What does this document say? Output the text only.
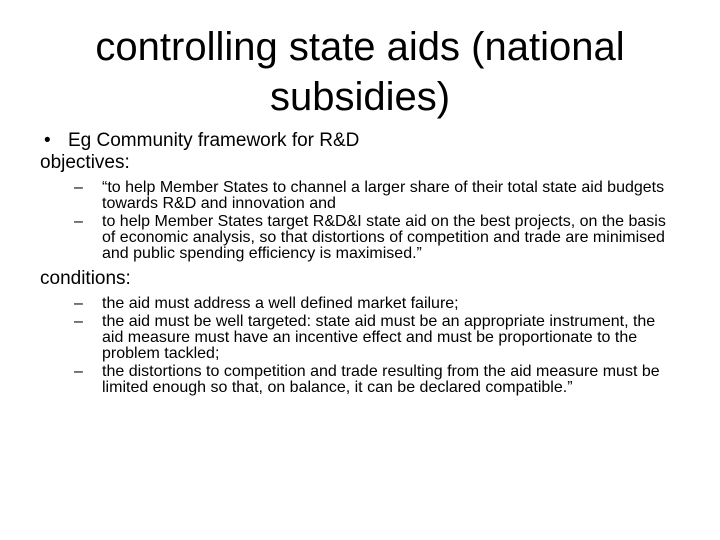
controlling state aids (national subsidies)
• Eg Community framework for R&D

objectives:

–	“to help Member States to channel a larger share of their total state aid budgets towards R&D and innovation and
–	to help Member States target R&D&I state aid on the best projects, on the basis of economic analysis, so that distortions of competition and trade are minimised and public spending efficiency is maximised.”

conditions:

–	the aid must address a well defined market failure;
–	the aid must be well targeted: state aid must be an appropriate instrument, the aid measure must have an incentive effect and must be proportionate to the problem tackled;
–	the distortions to competition and trade resulting from the aid measure must be limited enough so that, on balance, it can be declared compatible.”
